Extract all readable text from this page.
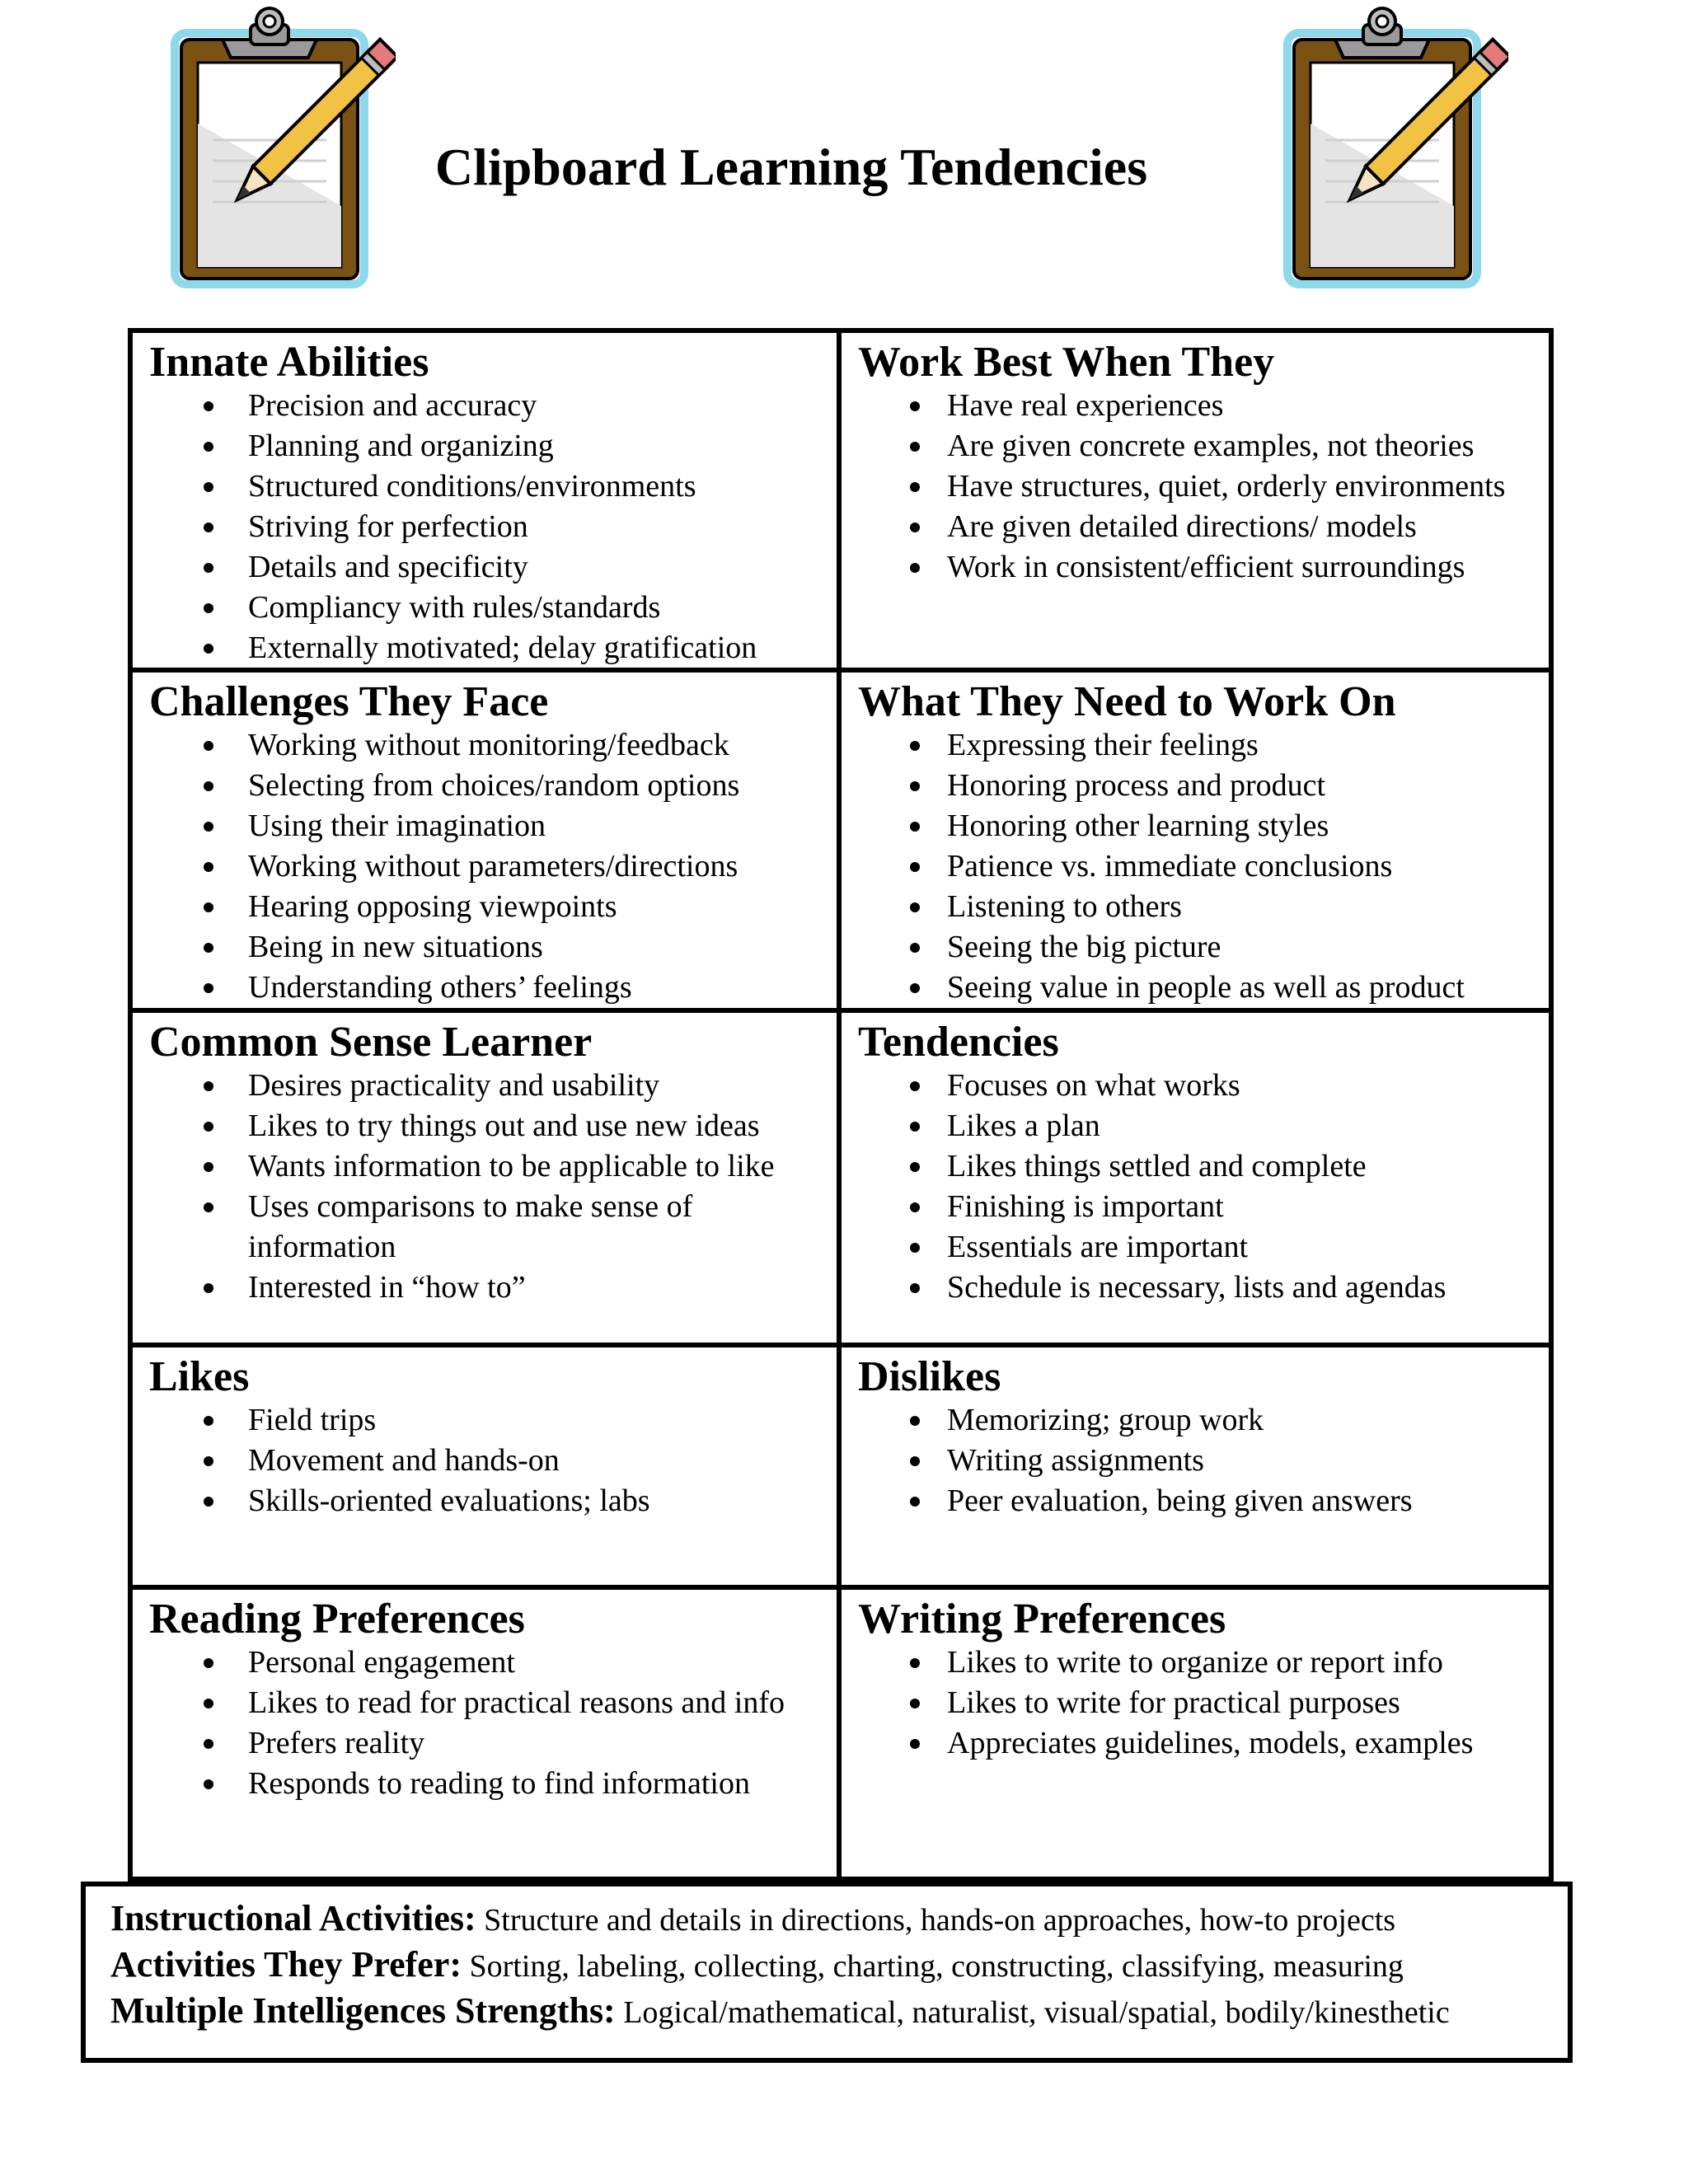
Clipboard Learning Tendencies
Innate Abilities
Precision and accuracy
Planning and organizing
Structured conditions/environments
Striving for perfection
Details and specificity
Compliancy with rules/standards
Externally motivated; delay gratification
Work Best When They
Have real experiences
Are given concrete examples, not theories
Have structures, quiet, orderly environments
Are given detailed directions/ models
Work in consistent/efficient surroundings
Challenges They Face
Working without monitoring/feedback
Selecting from choices/random options
Using their imagination
Working without parameters/directions
Hearing opposing viewpoints
Being in new situations
Understanding others’ feelings
What They Need to Work On
Expressing their feelings
Honoring process and product
Honoring other learning styles
Patience vs. immediate conclusions
Listening to others
Seeing the big picture
Seeing value in people as well as product
Common Sense Learner
Desires practicality and usability
Likes to try things out and use new ideas
Wants information to be applicable to like
Uses comparisons to make sense of information
Interested in “how to”
Tendencies
Focuses on what works
Likes a plan
Likes things settled and complete
Finishing is important
Essentials are important
Schedule is necessary, lists and agendas
Likes
Field trips
Movement and hands-on
Skills-oriented evaluations; labs
Dislikes
Memorizing; group work
Writing assignments
Peer evaluation, being given answers
Reading Preferences
Personal engagement
Likes to read for practical reasons and info
Prefers reality
Responds to reading to find information
Writing Preferences
Likes to write to organize or report info
Likes to write for practical purposes
Appreciates guidelines, models, examples

Instructional Activities: Structure and details in directions, hands-on approaches, how-to projects

Activities They Prefer: Sorting, labeling, collecting, charting, constructing, classifying, measuring

Multiple Intelligences Strengths: Logical/mathematical, naturalist, visual/spatial, bodily/kinesthetic
